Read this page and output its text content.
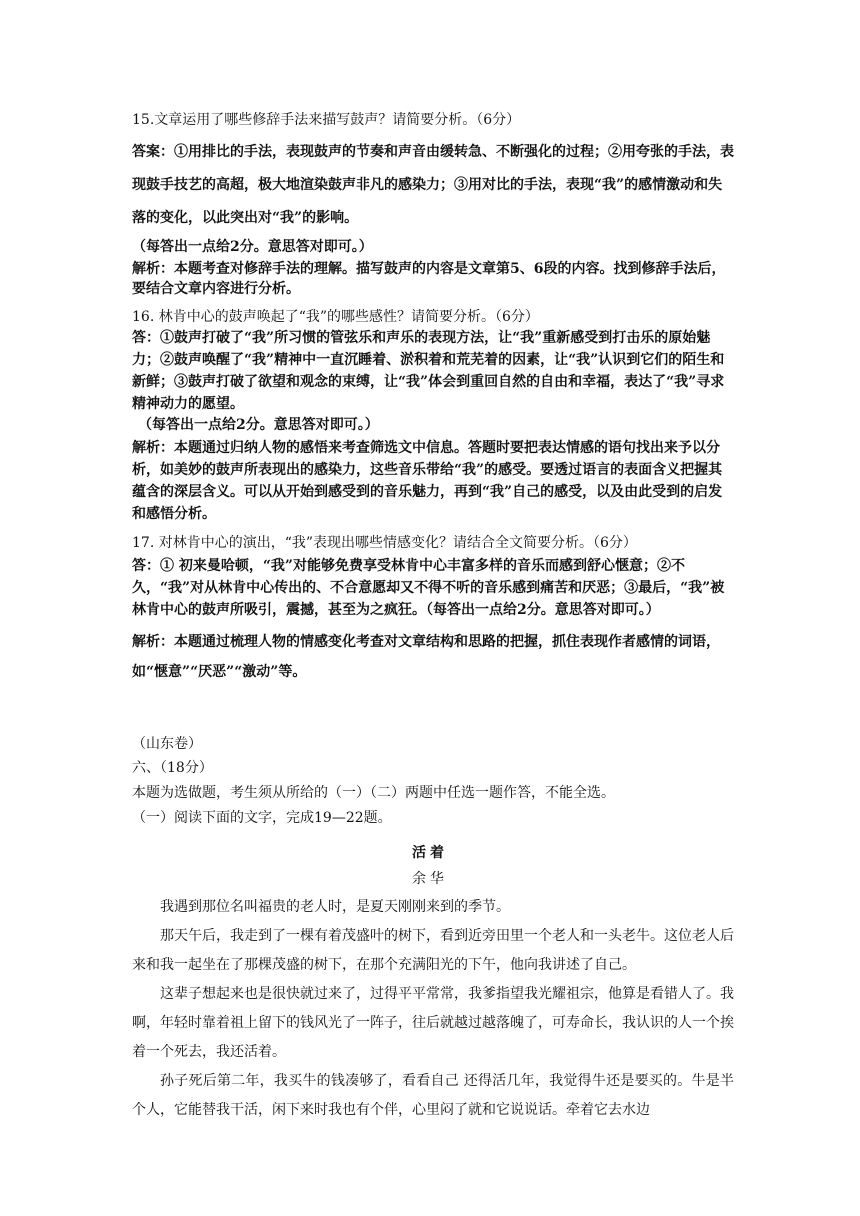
15.文章运用了哪些修辞手法来描写鼓声？请简要分析。（6分）

答案：①用排比的手法，表现鼓声的节奏和声音由缓转急、不断强化的过程；②用夸张的手法，表现鼓手技艺的高超，极大地渲染鼓声非凡的感染力；③用对比的手法，表现“我”的感情激动和失落的变化，以此突出对“我”的影响。

（每答出一点给2分。意思答对即可。）

解析：本题考查对修辞手法的理解。描写鼓声的内容是文章第5、6段的内容。找到修辞手法后，要结合文章内容进行分析。

16. 林肯中心的鼓声唤起了“我”的哪些感性？请简要分析。（6分）

答：①鼓声打破了“我”所习惯的管弦乐和声乐的表现方法，让“我”重新感受到打击乐的原始魅力；②鼓声唤醒了“我”精神中一直沉睡着、淤积着和荒芜着的因素，让“我”认识到它们的陌生和新鲜；③鼓声打破了欲望和观念的束缚，让“我”体会到重回自然的自由和幸福，表达了“我”寻求精神动力的愿望。

（每答出一点给2分。意思答对即可。）

解析：本题通过归纳人物的感悟来考查筛选文中信息。答题时要把表达情感的语句找出来予以分析，如美妙的鼓声所表现出的感染力，这些音乐带给“我”的感受。要透过语言的表面含义把握其蕴含的深层含义。可以从开始到感受到的音乐魅力，再到“我”自己的感受，以及由此受到的启发和感悟分析。

17. 对林肯中心的演出，“我”表现出哪些情感变化？请结合全文简要分析。（6分）

答：① 初来曼哈顿，“我”对能够免费享受林肯中心丰富多样的音乐而感到舒心惬意；②不久，“我”对从林肯中心传出的、不合意愿却又不得不听的音乐感到痛苦和厌恶；③最后，“我”被林肯中心的鼓声所吸引，震撼，甚至为之疯狂。（每答出一点给2分。意思答对即可。）

解析：本题通过梳理人物的情感变化考查对文章结构和思路的把握，抓住表现作者感情的词语，如“惬意”“厌恶”“激动”等。

（山东卷）

六、（18分）

本题为选做题，考生须从所给的（一）（二）两题中任选一题作答，不能全选。

（一）阅读下面的文字，完成19—22题。

活着

余华

我遇到那位名叫福贵的老人时，是夏天刚刚来到的季节。

那天午后，我走到了一棵有着茂盛叶的树下，看到近旁田里一个老人和一头老牛。这位老人后来和我一起坐在了那棵茂盛的树下，在那个充满阳光的下午，他向我讲述了自己。

这辈子想起来也是很快就过来了，过得平平常常，我爹指望我光耀祖宗，他算是看错人了。我啊，年轻时靠着祖上留下的钱风光了一阵子，往后就越过越落魄了，可寿命长，我认识的人一个挨着一个死去，我还活着。

孙子死后第二年，我买牛的钱凑够了，看看自己 还得活几年，我觉得牛还是要买的。牛是半个人，它能替我干活，闲下来时我也有个伴，心里闷了就和它说说话。牵着它去水边
